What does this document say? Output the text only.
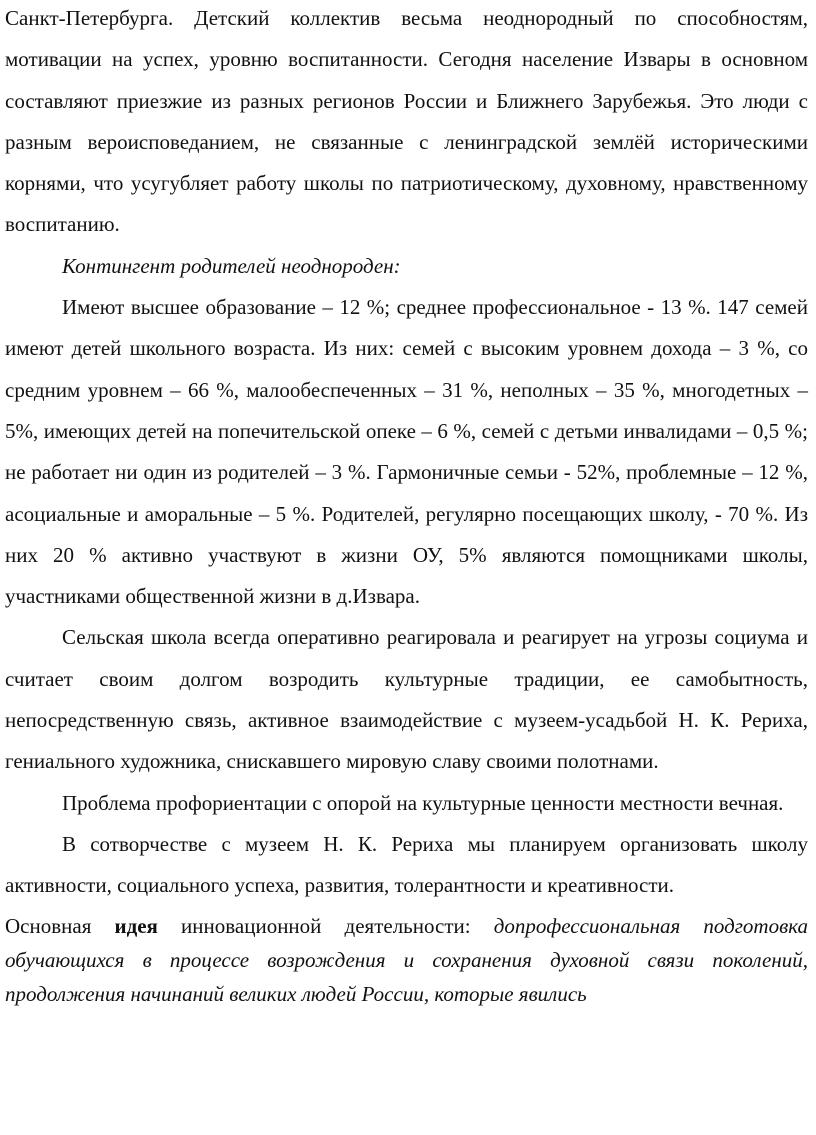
Санкт-Петербурга. Детский коллектив весьма неоднородный по способностям, мотивации на успех, уровню воспитанности. Сегодня население Извары в основном составляют приезжие из разных регионов России и Ближнего Зарубежья. Это люди с разным вероисповеданием, не связанные с ленинградской землёй историческими корнями, что усугубляет работу школы по патриотическому, духовному, нравственному воспитанию.

Контингент родителей неоднороден:

Имеют высшее образование – 12 %; среднее профессиональное - 13 %. 147 семей имеют детей школьного возраста. Из них: семей с высоким уровнем дохода – 3 %, со средним уровнем – 66 %, малообеспеченных – 31 %, неполных – 35 %, многодетных – 5%, имеющих детей на попечительской опеке – 6 %, семей с детьми инвалидами – 0,5 %; не работает ни один из родителей – 3 %. Гармоничные семьи - 52%, проблемные – 12 %, асоциальные и аморальные – 5 %. Родителей, регулярно посещающих школу, - 70 %. Из них 20 % активно участвуют в жизни ОУ, 5% являются помощниками школы, участниками общественной жизни в д.Извара.

Сельская школа всегда оперативно реагировала и реагирует на угрозы социума и считает своим долгом возродить культурные традиции, ее самобытность, непосредственную связь, активное взаимодействие с музеем-усадьбой Н. К. Рериха, гениального художника, снискавшего мировую славу своими полотнами.

Проблема профориентации с опорой на культурные ценности местности вечная.

В сотворчестве с музеем Н. К. Рериха мы планируем организовать школу активности, социального успеха, развития, толерантности и креативности.

Основная идея инновационной деятельности: допрофессиональная подготовка обучающихся в процессе возрождения и сохранения духовной связи поколений, продолжения начинаний великих людей России, которые явились
